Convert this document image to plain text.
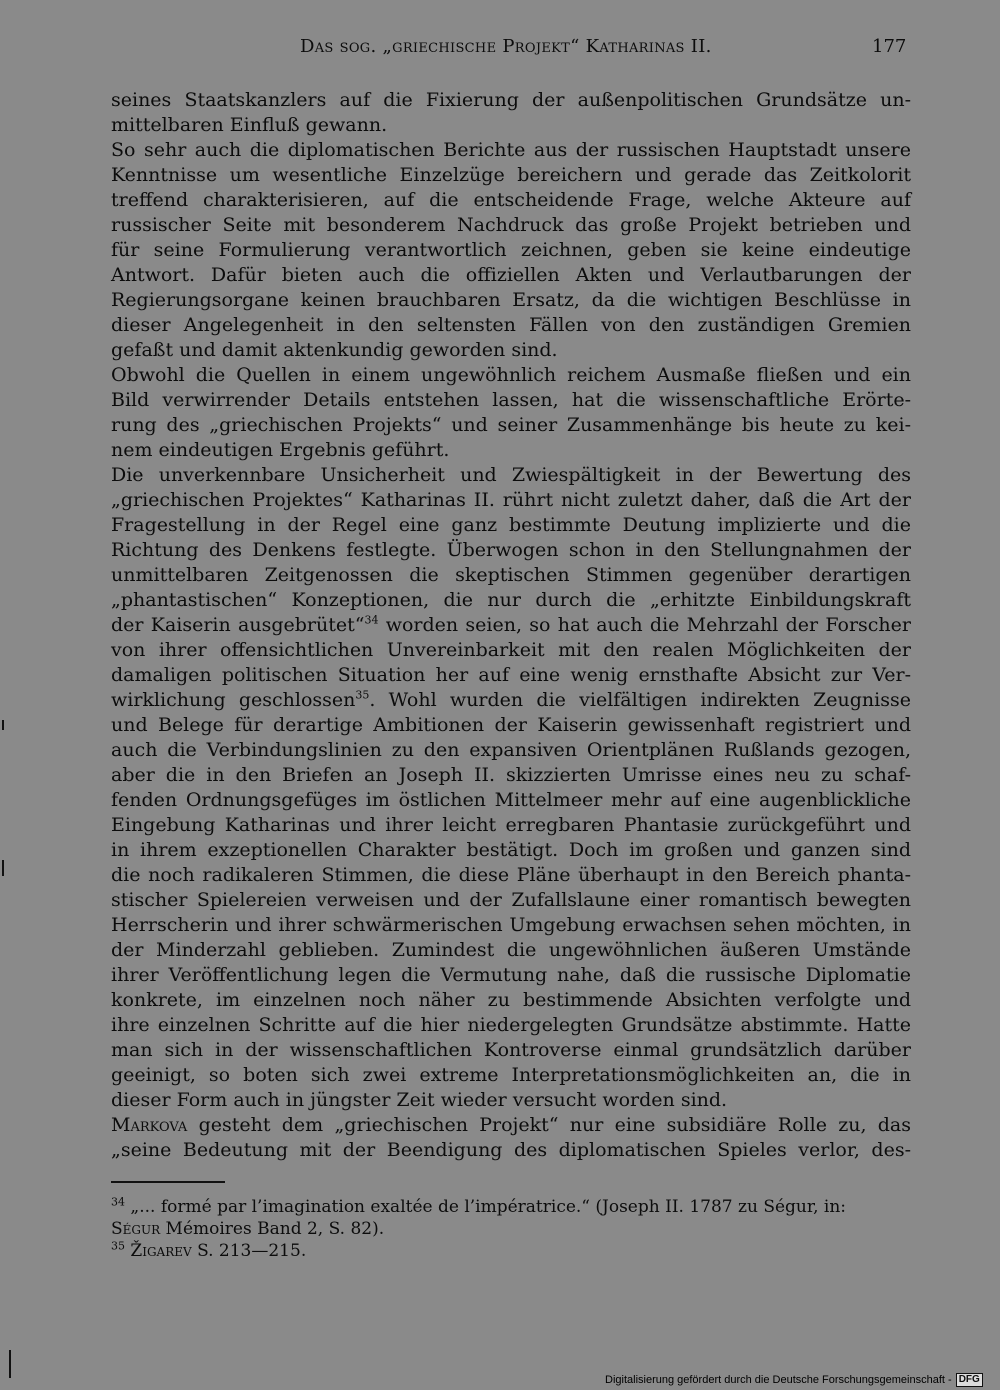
Das sog. „griechische Projekt“ Katharinas II.	177
seines Staatskanzlers auf die Fixierung der außenpolitischen Grundsätze un-
mittelbaren Einfluß gewann.
So sehr auch die diplomatischen Berichte aus der russischen Hauptstadt unsere
Kenntnisse um wesentliche Einzelzüge bereichern und gerade das Zeitkolorit
treffend charakterisieren, auf die entscheidende Frage, welche Akteure auf
russischer Seite mit besonderem Nachdruck das große Projekt betrieben und
für seine Formulierung verantwortlich zeichnen, geben sie keine eindeutige
Antwort. Dafür bieten auch die offiziellen Akten und Verlautbarungen der
Regierungsorgane keinen brauchbaren Ersatz, da die wichtigen Beschlüsse in
dieser Angelegenheit in den seltensten Fällen von den zuständigen Gremien
gefaßt und damit aktenkundig geworden sind.
Obwohl die Quellen in einem ungewöhnlich reichem Ausmaße fließen und ein
Bild verwirrender Details entstehen lassen, hat die wissenschaftliche Erörte-
rung des „griechischen Projekts“ und seiner Zusammenhänge bis heute zu kei-
nem eindeutigen Ergebnis geführt.
Die unverkennbare Unsicherheit und Zwiespältigkeit in der Bewertung des
„griechischen Projektes“ Katharinas II. rührt nicht zuletzt daher, daß die Art der
Fragestellung in der Regel eine ganz bestimmte Deutung implizierte und die
Richtung des Denkens festlegte. Überwogen schon in den Stellungnahmen der
unmittelbaren Zeitgenossen die skeptischen Stimmen gegenüber derartigen
„phantastischen“ Konzeptionen, die nur durch die „erhitzte Einbildungskraft
der Kaiserin ausgebrütet“$^{34}$ worden seien, so hat auch die Mehrzahl der Forscher
von ihrer offensichtlichen Unvereinbarkeit mit den realen Möglichkeiten der
damaligen politischen Situation her auf eine wenig ernsthafte Absicht zur Ver-
wirklichung geschlossen$^{35}$. Wohl wurden die vielfältigen indirekten Zeugnisse
und Belege für derartige Ambitionen der Kaiserin gewissenhaft registriert und
auch die Verbindungslinien zu den expansiven Orientplänen Rußlands gezogen,
aber die in den Briefen an Joseph II. skizzierten Umrisse eines neu zu schaf-
fenden Ordnungsgefüges im östlichen Mittelmeer mehr auf eine augenblickliche
Eingebung Katharinas und ihrer leicht erregbaren Phantasie zurückgeführt und
in ihrem exzeptionellen Charakter bestätigt. Doch im großen und ganzen sind
die noch radikaleren Stimmen, die diese Pläne überhaupt in den Bereich phanta-
stischer Spielereien verweisen und der Zufallslaune einer romantisch bewegten
Herrscherin und ihrer schwärmerischen Umgebung erwachsen sehen möchten, in
der Minderzahl geblieben. Zumindest die ungewöhnlichen äußeren Umstände
ihrer Veröffentlichung legen die Vermutung nahe, daß die russische Diplomatie
konkrete, im einzelnen noch näher zu bestimmende Absichten verfolgte und
ihre einzelnen Schritte auf die hier niedergelegten Grundsätze abstimmte. Hatte
man sich in der wissenschaftlichen Kontroverse einmal grundsätzlich darüber
geeinigt, so boten sich zwei extreme Interpretationsmöglichkeiten an, die in
dieser Form auch in jüngster Zeit wieder versucht worden sind.
Markova gesteht dem „griechischen Projekt“ nur eine subsidiäre Rolle zu, das
„seine Bedeutung mit der Beendigung des diplomatischen Spieles verlor, des-
$^{34}$ „... formé par l’imagination exaltée de l’impératrice.“ (Joseph II. 1787 zu Ségur, in:
Ségur Mémoires Band 2, S. 82).
$^{35}$ Žigarev S. 213—215.
Digitalisierung gefördert durch die Deutsche Forschungsgemeinschaft - DFG
